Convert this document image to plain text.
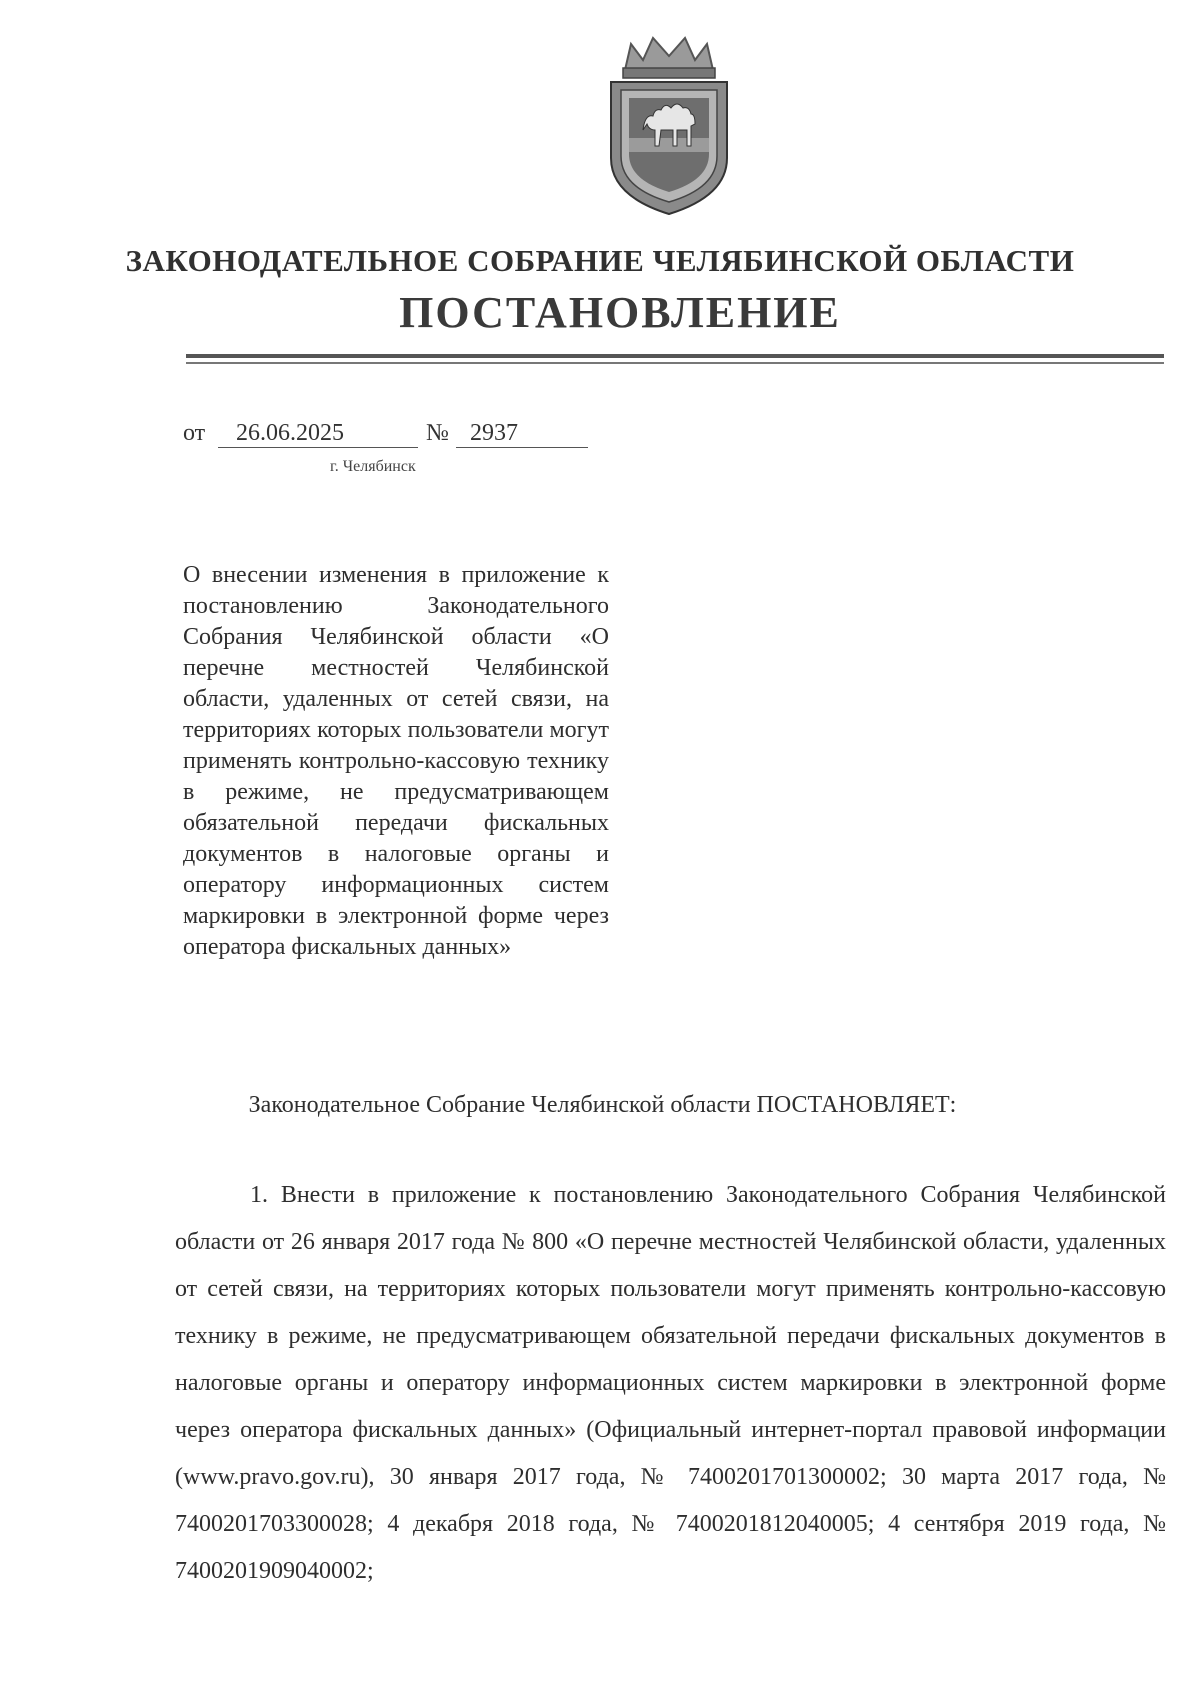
ЗАКОНОДАТЕЛЬНОЕ СОБРАНИЕ ЧЕЛЯБИНСКОЙ ОБЛАСТИ
ПОСТАНОВЛЕНИЕ
от	26.06.2025	№ 2937
г. Челябинск
О внесении изменения в приложение к постановлению Законодательного Собрания Челябинской области «О перечне местностей Челябинской области, удаленных от сетей связи, на территориях которых пользователи могут применять контрольно-кассовую технику в режиме, не предусматривающем обязательной передачи фискальных документов в налоговые органы и оператору информационных систем маркировки в электронной форме через оператора фискальных данных»
Законодательное Собрание Челябинской области ПОСТАНОВЛЯЕТ:
1. Внести в приложение к постановлению Законодательного Собрания Челябинской области от 26 января 2017 года № 800 «О перечне местностей Челябинской области, удаленных от сетей связи, на территориях которых пользователи могут применять контрольно-кассовую технику в режиме, не предусматривающем обязательной передачи фискальных документов в налоговые органы и оператору информационных систем маркировки в электронной форме через оператора фискальных данных» (Официальный интернет-портал правовой информации (www.pravo.gov.ru), 30 января 2017 года, № 7400201701300002; 30 марта 2017 года, № 7400201703300028; 4 декабря 2018 года, № 7400201812040005; 4 сентября 2019 года, № 7400201909040002;
